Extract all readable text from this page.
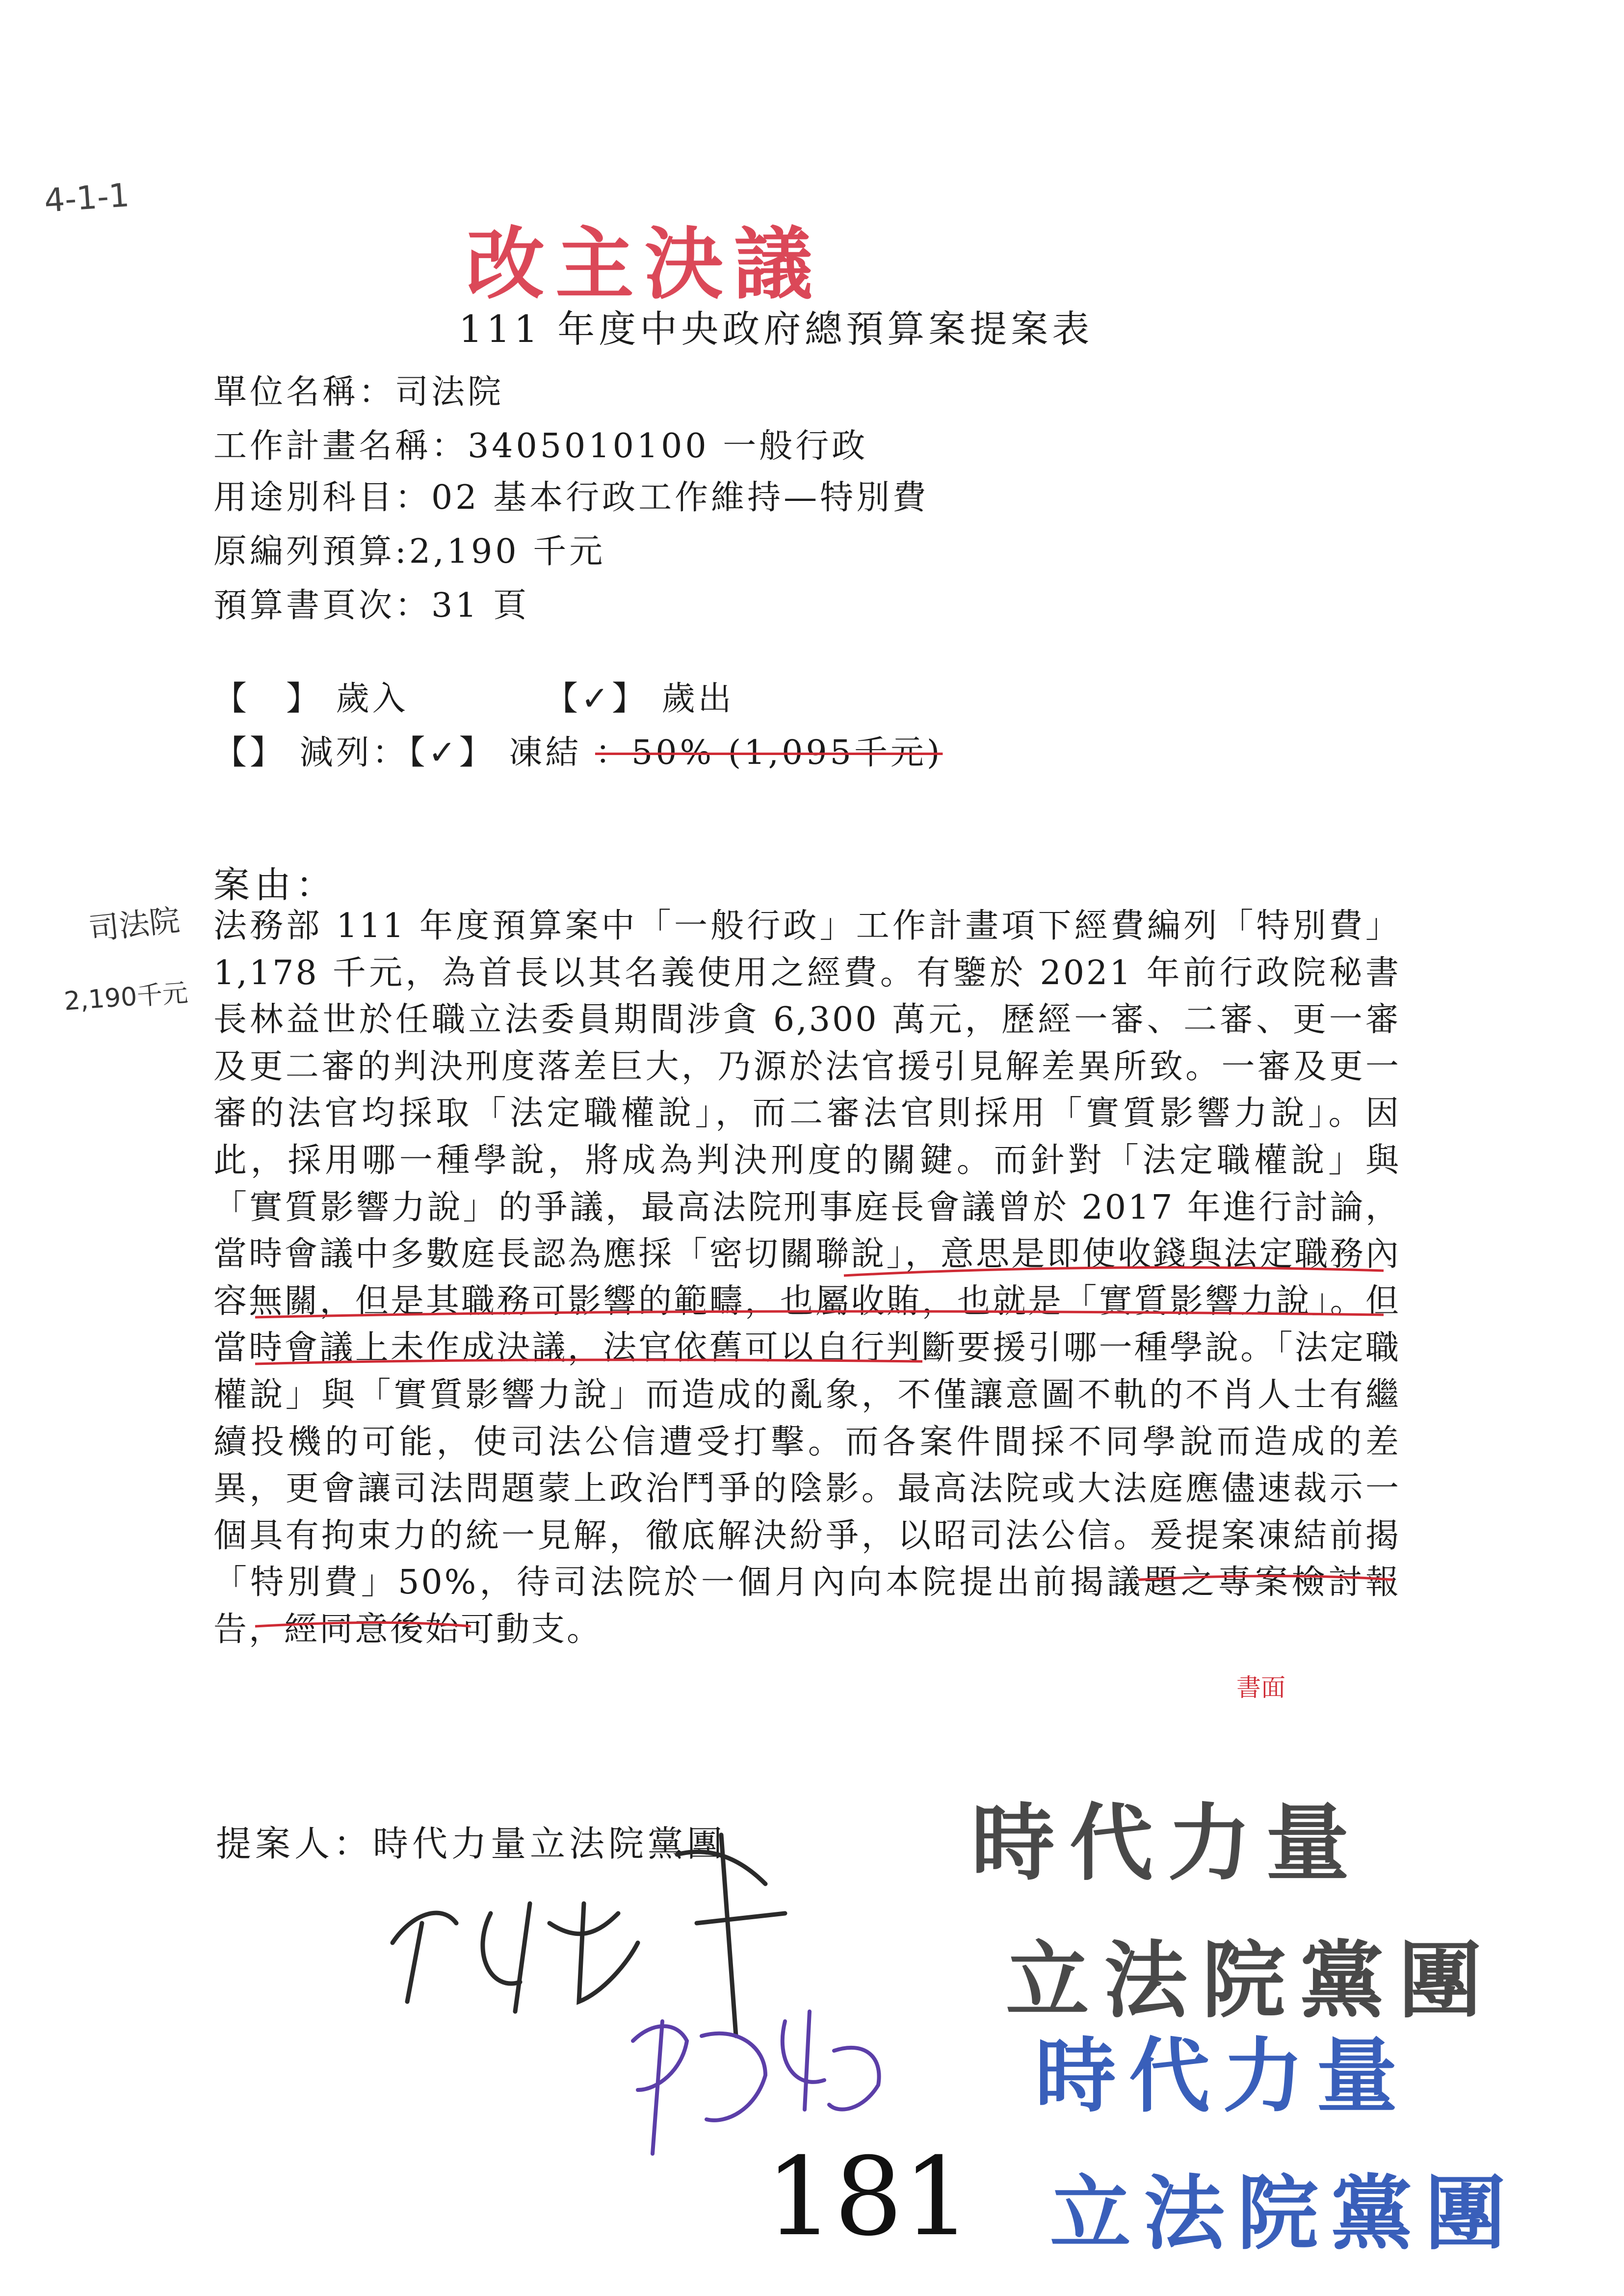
4-1-1
改主決議
111 年度中央政府總預算案提案表
單位名稱：司法院
工作計畫名稱：3405010100 一般行政
用途別科目：02 基本行政工作維持—特別費
原編列預算:2,190 千元
預算書頁次：31 頁
【　】 歲入	【✓】 歲出
【】 減列：【✓】 凍結 ：50% (1,095千元)
案由：
司法院
2,190千元

法務部 111 年度預算案中「一般行政」工作計畫項下經費編列「特別費」1,178 千元，為首長以其名義使用之經費。有鑒於 2021 年前行政院秘書長林益世於任職立法委員期間涉貪 6,300 萬元，歷經一審、二審、更一審及更二審的判決刑度落差巨大，乃源於法官援引見解差異所致。一審及更一審的法官均採取「法定職權說」，而二審法官則採用「實質影響力說」。因此，採用哪一種學說，將成為判決刑度的關鍵。而針對「法定職權說」與「實質影響力說」的爭議，最高法院刑事庭長會議曾於 2017 年進行討論，當時會議中多數庭長認為應採「密切關聯說」，意思是即使收錢與法定職務內容無關，但是其職務可影響的範疇，也屬收賄，也就是「實質影響力說」。但當時會議上未作成決議，法官依舊可以自行判斷要援引哪一種學說。「法定職權說」與「實質影響力說」而造成的亂象，不僅讓意圖不軌的不肖人士有繼續投機的可能，使司法公信遭受打擊。而各案件間採不同學說而造成的差異，更會讓司法問題蒙上政治鬥爭的陰影。最高法院或大法庭應儘速裁示一個具有拘束力的統一見解，徹底解決紛爭，以昭司法公信。爰提案凍結前揭「特別費」50%，待司法院於一個月內向本院提出前揭議題之專案檢討報告，經同意後始可動支。

書面
提案人：時代力量立法院黨團	時代力量
立法院黨團
時代力量
立法院黨團
181
